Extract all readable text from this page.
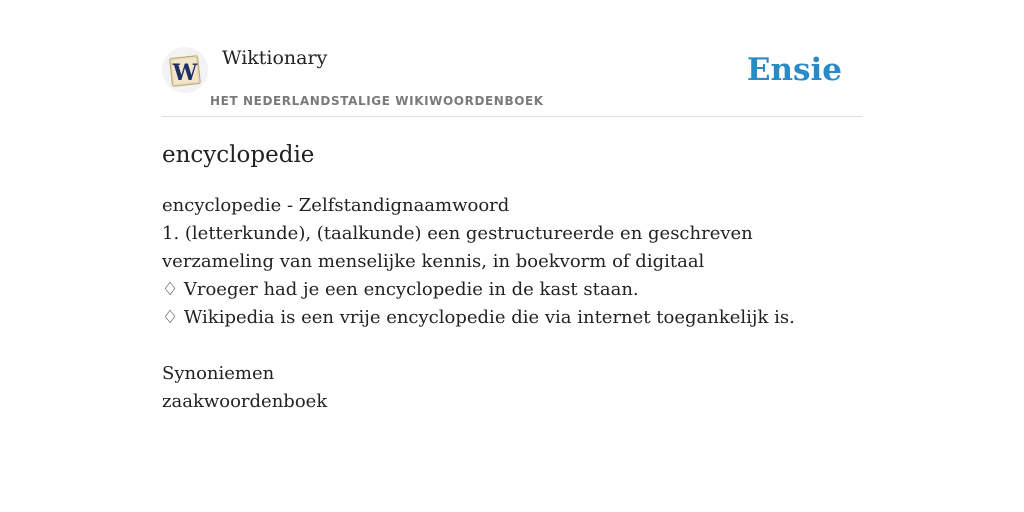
W
Wiktionary
HET NEDERLANDSTALIGE WIKIWOORDENBOEK
Ensie
encyclopedie
encyclopedie - Zelfstandignaamwoord
1. (letterkunde), (taalkunde) een gestructureerde en geschreven verzameling van menselijke kennis, in boekvorm of digitaal
♢ Vroeger had je een encyclopedie in de kast staan.
♢ Wikipedia is een vrije encyclopedie die via internet toegankelijk is.
Synoniemen
zaakwoordenboek
